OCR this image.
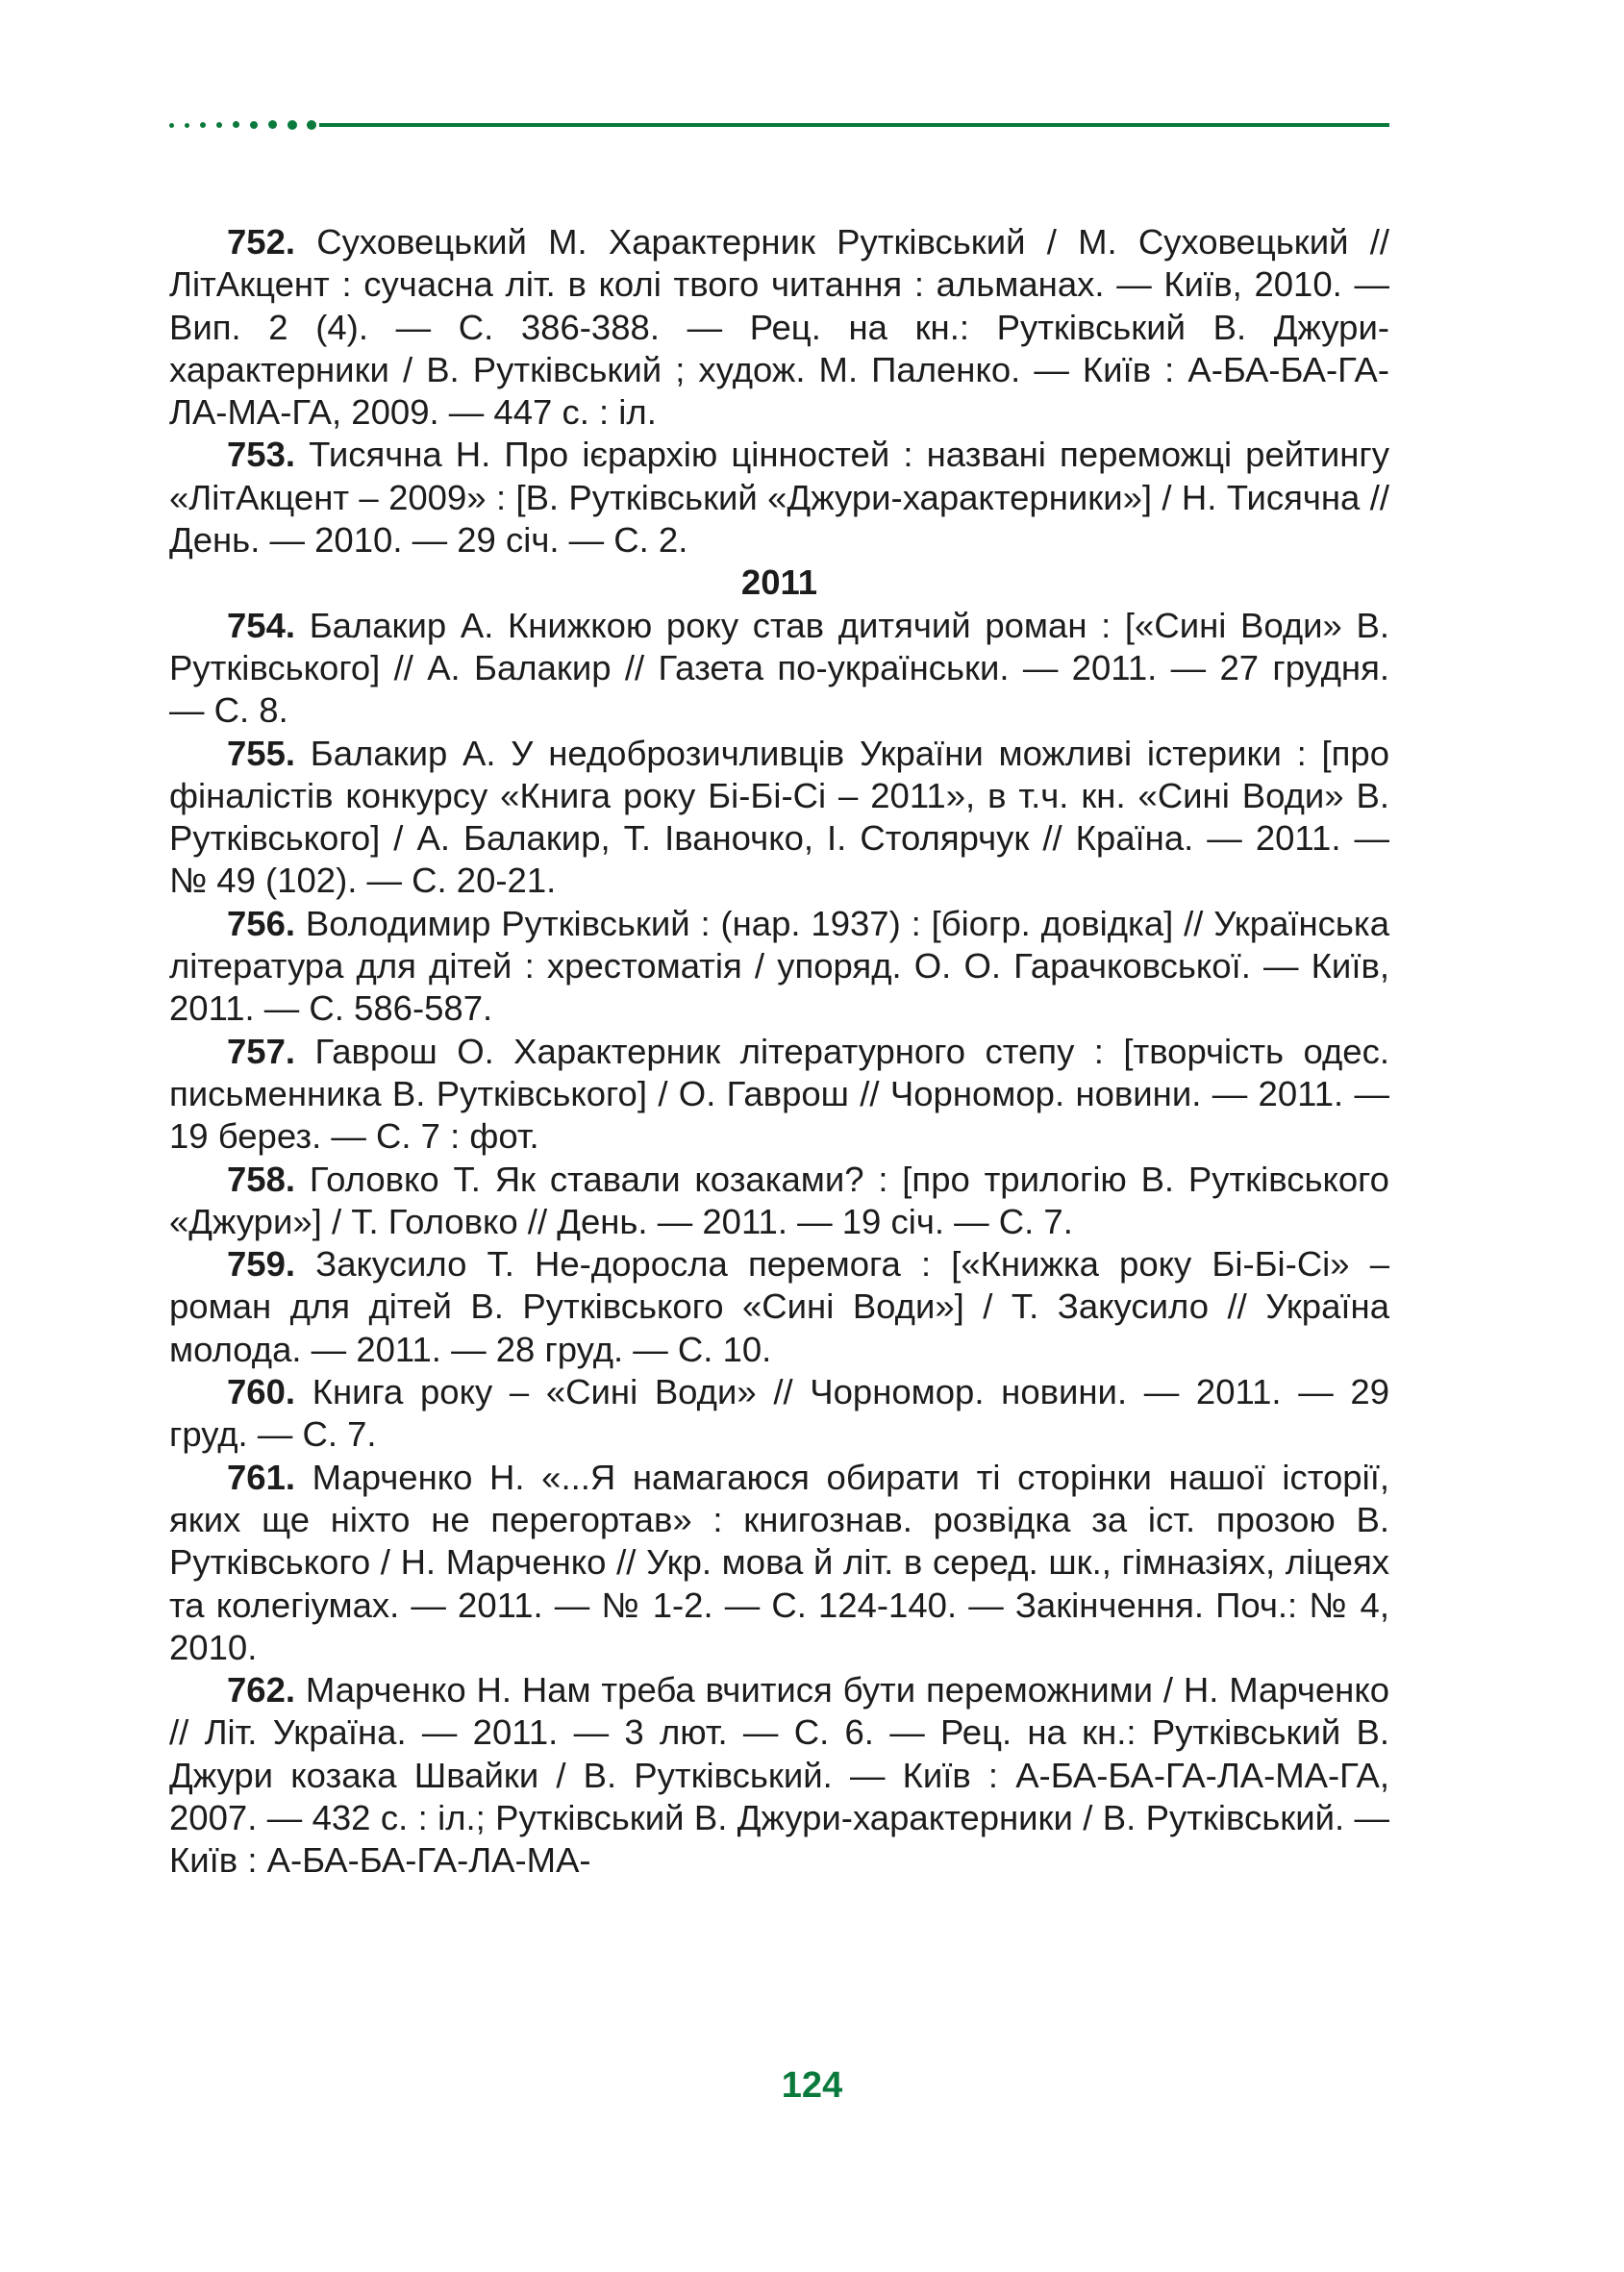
752. Суховецький М. Характерник Рутківський / М. Суховецький // ЛітАкцент : сучасна літ. в колі твого читання : альманах. — Київ, 2010. — Вип. 2 (4). — С. 386-388. — Рец. на кн.: Рутківський В. Джури-характерники / В. Рутківський ; худож. М. Паленко. — Київ : А-БА-БА-ГА-ЛА-МА-ГА, 2009. — 447 с. : іл.

753. Тисячна Н. Про ієрархію цінностей : названі переможці рейтингу «ЛітАкцент – 2009» : [В. Рутківський «Джури-характерники»] / Н. Тисячна // День. — 2010. — 29 січ. — С. 2.

2011

754. Балакир А. Книжкою року став дитячий роман : [«Сині Води» В. Рутківського] // А. Балакир // Газета по-українськи. — 2011. — 27 грудня. — С. 8.

755. Балакир А. У недоброзичливців України можливі істерики : [про фіналістів конкурсу «Книга року Бі-Бі-Сі – 2011», в т.ч. кн. «Сині Води» В. Рутківського] / А. Балакир, Т. Іваночко, І. Столярчук // Країна. — 2011. — № 49 (102). — С. 20-21.

756. Володимир Рутківський : (нар. 1937) : [біогр. довідка] // Українська література для дітей : хрестоматія / упоряд. О. О. Гарачковської. — Київ, 2011. — С. 586-587.

757. Гаврош О. Характерник літературного степу : [творчість одес. письменника В. Рутківського] / О. Гаврош // Чорномор. новини. — 2011. — 19 берез. — С. 7 : фот.

758. Головко Т. Як ставали козаками? : [про трилогію В. Рутківського «Джури»] / Т. Головко // День. — 2011. — 19 січ. — С. 7.

759. Закусило Т. Не-доросла перемога : [«Книжка року Бі-Бі-Сі» – роман для дітей В. Рутківського «Сині Води»] / Т. Закусило // Україна молода. — 2011. — 28 груд. — С. 10.

760. Книга року – «Сині Води» // Чорномор. новини. — 2011. — 29 груд. — С. 7.

761. Марченко Н. «...Я намагаюся обирати ті сторінки нашої історії, яких ще ніхто не перегортав» : книгознав. розвідка за іст. прозою В. Рутківського / Н. Марченко // Укр. мова й літ. в серед. шк., гімназіях, ліцеях та колегіумах. — 2011. — № 1-2. — С. 124-140. — Закінчення. Поч.: № 4, 2010.

762. Марченко Н. Нам треба вчитися бути переможними / Н. Марченко // Літ. Україна. — 2011. — 3 лют. — С. 6. — Рец. на кн.: Рутківський В. Джури козака Швайки / В. Рутківський. — Київ : А-БА-БА-ГА-ЛА-МА-ГА, 2007. — 432 с. : іл.; Рутківський В. Джури-характерники / В. Рутківський. — Київ : А-БА-БА-ГА-ЛА-МА-

124
